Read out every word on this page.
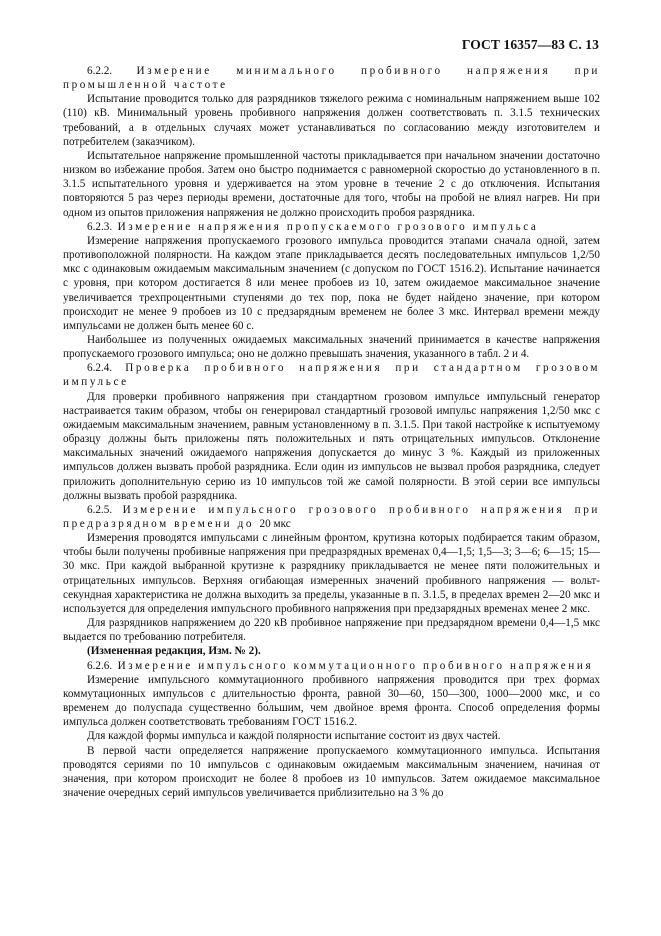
ГОСТ 16357—83 С. 13

6.2.2. Измерение минимального пробивного напряжения при промышленной частоте

Испытание проводится только для разрядников тяжелого режима с номинальным напряжением выше 102 (110) кВ. Минимальный уровень пробивного напряжения должен соответствовать п. 3.1.5 технических требований, а в отдельных случаях может устанавливаться по согласованию между изготовителем и потребителем (заказчиком).

Испытательное напряжение промышленной частоты прикладывается при начальном значении достаточно низком во избежание пробоя. Затем оно быстро поднимается с равномерной скоростью до установленного в п. 3.1.5 испытательного уровня и удерживается на этом уровне в течение 2 с до отключения. Испытания повторяются 5 раз через периоды времени, достаточные для того, чтобы на пробой не влиял нагрев. Ни при одном из опытов приложения напряжения не должно происходить пробоя разрядника.

6.2.3. Измерение напряжения пропускаемого грозового импульса

Измерение напряжения пропускаемого грозового импульса проводится этапами сначала одной, затем противоположной полярности. На каждом этапе прикладывается десять последовательных импульсов 1,2/50 мкс с одинаковым ожидаемым максимальным значением (с допуском по ГОСТ 1516.2). Испытание начинается с уровня, при котором достигается 8 или менее пробоев из 10, затем ожидаемое максимальное значение увеличивается трехпроцентными ступенями до тех пор, пока не будет найдено значение, при котором происходит не менее 9 пробоев из 10 с предзарядным временем не более 3 мкс. Интервал времени между импульсами не должен быть менее 60 с.

Наибольшее из полученных ожидаемых максимальных значений принимается в качестве напряжения пропускаемого грозового импульса; оно не должно превышать значения, указанного в табл. 2 и 4.

6.2.4. Проверка пробивного напряжения при стандартном грозовом импульсе

Для проверки пробивного напряжения при стандартном грозовом импульсе импульсный генератор настраивается таким образом, чтобы он генерировал стандартный грозовой импульс напряжения 1,2/50 мкс с ожидаемым максимальным значением, равным установленному в п. 3.1.5. При такой настройке к испытуемому образцу должны быть приложены пять положительных и пять отрицательных импульсов. Отклонение максимальных значений ожидаемого напряжения допускается до минус 3 %. Каждый из приложенных импульсов должен вызвать пробой разрядника. Если один из импульсов не вызвал пробоя разрядника, следует приложить дополнительную серию из 10 импульсов той же самой полярности. В этой серии все импульсы должны вызвать пробой разрядника.

6.2.5. Измерение импульсного грозового пробивного напряжения при предразрядном времени до 20 мкс

Измерения проводятся импульсами с линейным фронтом, крутизна которых подбирается таким образом, чтобы были получены пробивные напряжения при предразрядных временах 0,4—1,5; 1,5—3; 3—6; 6—15; 15—30 мкс. При каждой выбранной крутизне к разряднику прикладывается не менее пяти положительных и отрицательных импульсов. Верхняя огибающая измеренных значений пробивного напряжения — вольт-секундная характеристика не должна выходить за пределы, указанные в п. 3.1.5, в пределах времен 2—20 мкс и используется для определения импульсного пробивного напряжения при предзарядных временах менее 2 мкс.

Для разрядников напряжением до 220 кВ пробивное напряжение при предзарядном времени 0,4—1,5 мкс выдается по требованию потребителя.

(Измененная редакция, Изм. № 2).

6.2.6. Измерение импульсного коммутационного пробивного напряжения

Измерение импульсного коммутационного пробивного напряжения проводится при трех формах коммутационных импульсов с длительностью фронта, равной 30—60, 150—300, 1000—2000 мкс, и со временем до полуспада существенно бо́льшим, чем двойное время фронта. Способ определения формы импульса должен соответствовать требованиям ГОСТ 1516.2.

Для каждой формы импульса и каждой полярности испытание состоит из двух частей.

В первой части определяется напряжение пропускаемого коммутационного импульса. Испытания проводятся сериями по 10 импульсов с одинаковым ожидаемым максимальным значением, начиная от значения, при котором происходит не более 8 пробоев из 10 импульсов. Затем ожидаемое максимальное значение очередных серий импульсов увеличивается приблизительно на 3 % до
